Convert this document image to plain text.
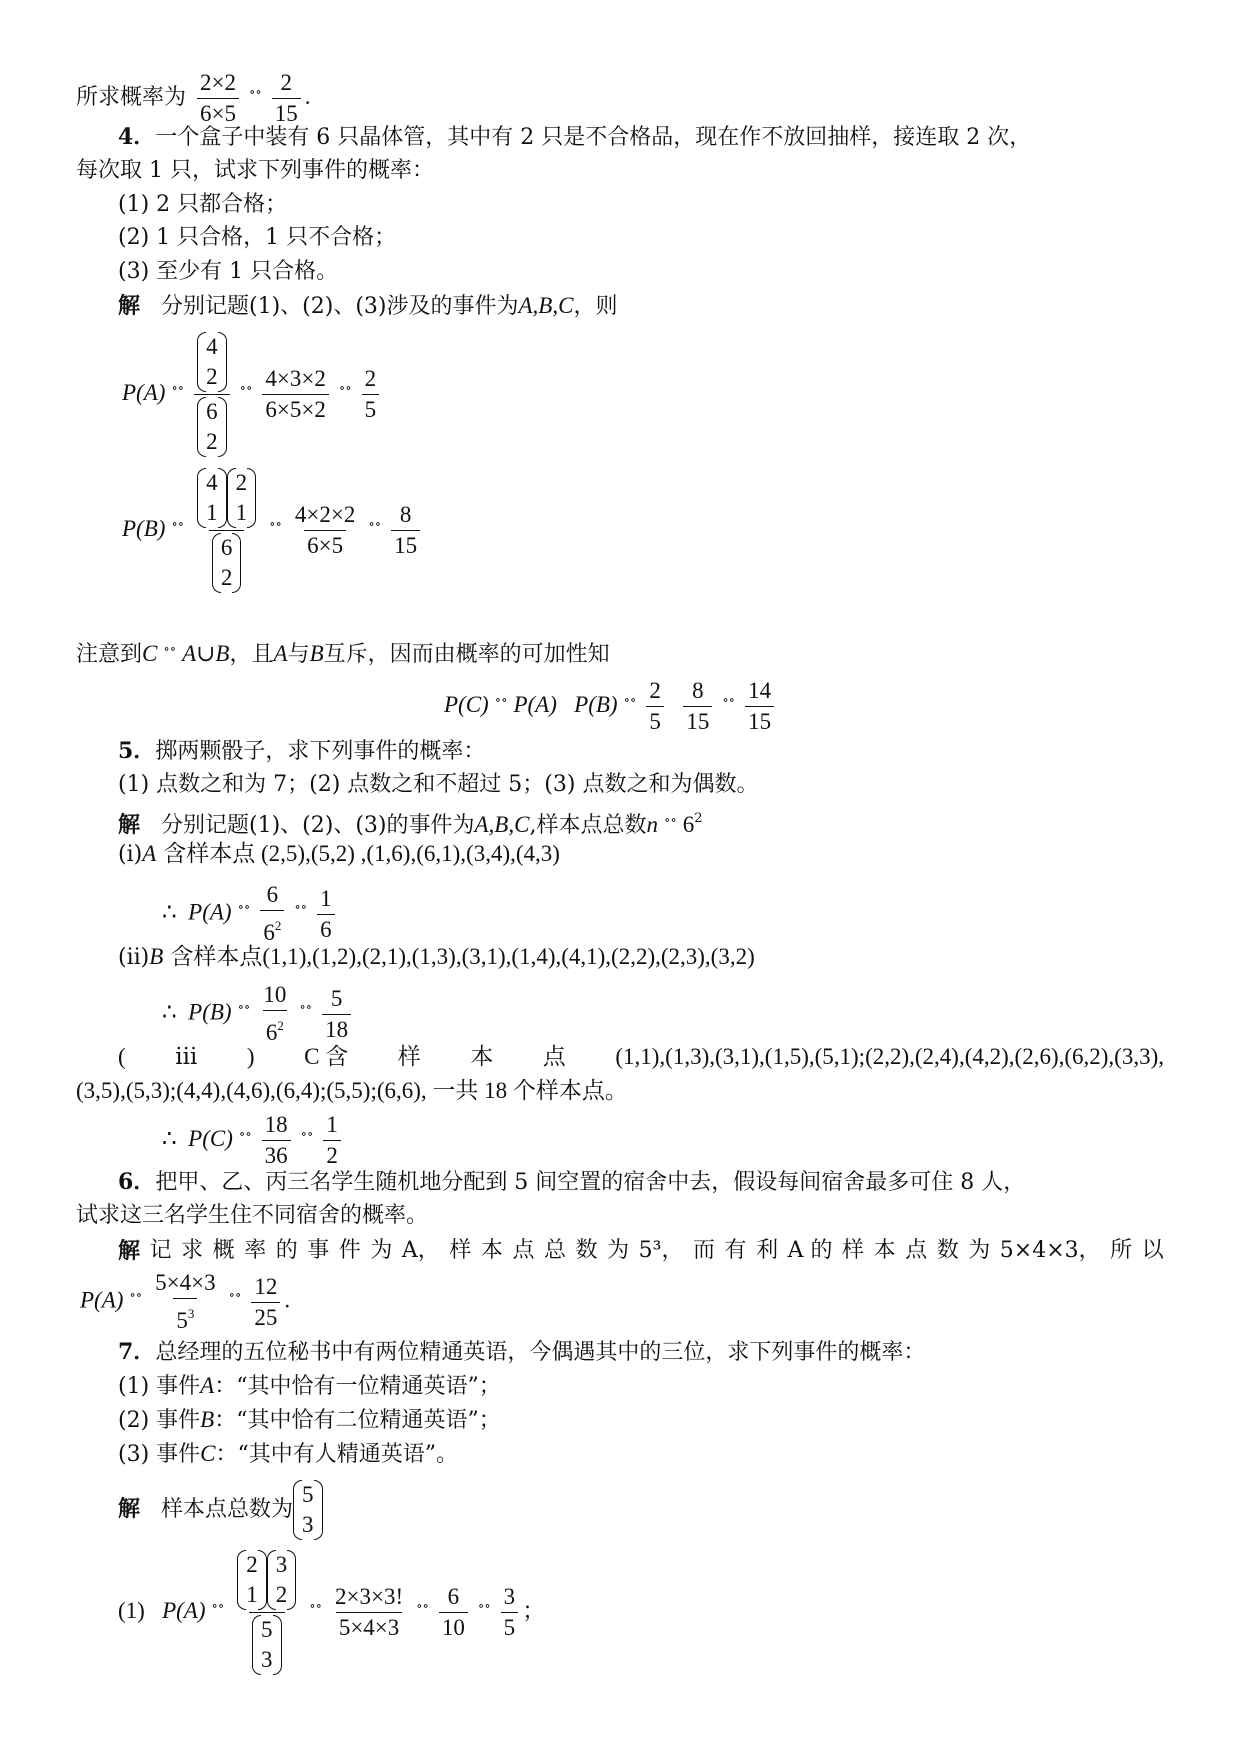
所求概率为 $\frac{2\times 2}{6\times 5}$ ∘∘ $\frac{2}{15}$ .
4．一个盒子中装有 6 只晶体管，其中有 2 只是不合格品，现在作不放回抽样，接连取 2 次，
每次取 1 只，试求下列事件的概率：
(1) 2 只都合格；
(2) 1 只合格，1 只不合格；
(3) 至少有 1 只合格。
解 分别记题(1)、(2)、(3)涉及的事件为A,B,C，则
P(A) ∘∘ 4
2
6
2 ∘∘ $\frac{4\times 3\times 2}{6\times 5\times 2}$ ∘∘ $\frac{2}{5}$
P(B) ∘∘ 4
1
2
1
6
2 ∘∘ $\frac{4\times 2\times 2}{6\times 5}$ ∘∘ $\frac{8}{15}$
注意到C ∘∘ A∪B，且A与B互斥，因而由概率的可加性知
P(C) ∘∘ P(A) P(B) ∘∘ $\frac{2}{5}$
$\frac{8}{15}$ ∘∘ $\frac{14}{15}$
5．掷两颗骰子，求下列事件的概率：
(1) 点数之和为 7；(2) 点数之和不超过 5；(3) 点数之和为偶数。
解 分别记题(1)、(2)、(3)的事件为A,B,C,样本点总数n ∘∘ $6^2$
(ⅰ)A 含样本点 (2,5),(5,2) ,(1,6),(6,1),(3,4),(4,3)
∴ P(A) ∘∘ $\frac{6}{6^2}$ ∘∘ $\frac{1}{6}$
(ⅱ)B 含样本点(1,1),(1,2),(2,1),(1,3),(3,1),(1,4),(4,1),(2,2),(2,3),(3,2)
∴ P(B) ∘∘ $\frac{10}{6^2}$ ∘∘ $\frac{5}{18}$
( ⅲ ) C 含 样 本 点 (1,1),(1,3),(3,1),(1,5),(5,1);(2,2),(2,4),(4,2),(2,6),(6,2),(3,3),
(3,5),(5,3);(4,4),(4,6),(6,4);(5,5);(6,6), 一共 18 个样本点。
∴ P(C) ∘∘ $\frac{18}{36}$ ∘∘ $\frac{1}{2}$
6．把甲、乙、丙三名学生随机地分配到 5 间空置的宿舍中去，假设每间宿舍最多可住 8 人，
试求这三名学生住不同宿舍的概率。
解 记 求 概 率 的 事 件 为 A， 样 本 点 总 数 为 5³， 而 有 利 A 的 样 本 点 数 为 5×4×3， 所 以
P(A) ∘∘ $\frac{5\times 4\times 3}{5^3}$ ∘∘ $\frac{12}{25}$ .
7．总经理的五位秘书中有两位精通英语，今偶遇其中的三位，求下列事件的概率：
(1) 事件A：“其中恰有一位精通英语”；
(2) 事件B：“其中恰有二位精通英语”；
(3) 事件C：“其中有人精通英语”。
解 样本点总数为
5
3
(1) P(A) ∘∘ 2
1
3
2
5
3 ∘∘ $\frac{2\times 3\times 3!}{5\times 4\times 3}$ ∘∘ $\frac{6}{10}$ ∘∘ $\frac{3}{5}$ ；
